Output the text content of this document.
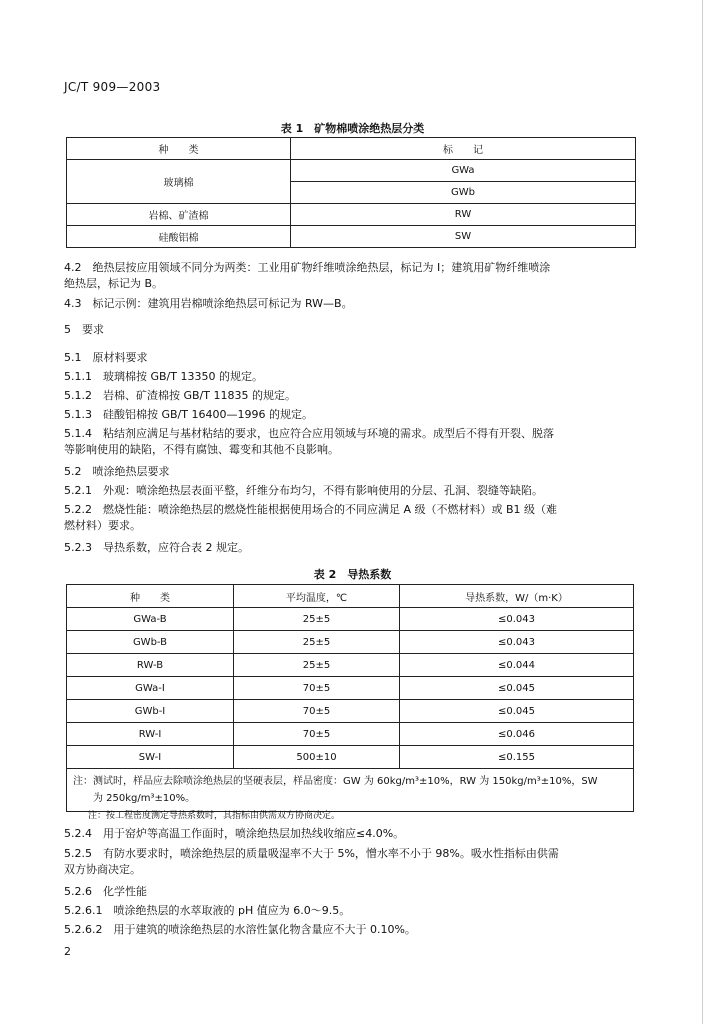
JC/T 909—2003
表 1　矿物棉喷涂绝热层分类
种　　类	标　　记
玻璃棉	GWa
	GWb
岩棉、矿渣棉	RW
硅酸铝棉	SW
4.2　绝热层按应用领域不同分为两类：工业用矿物纤维喷涂绝热层，标记为 I；建筑用矿物纤维喷涂
绝热层，标记为 B。
4.3　标记示例：建筑用岩棉喷涂绝热层可标记为 RW—B。
5　要求
5.1　原材料要求
5.1.1　玻璃棉按 GB/T 13350 的规定。
5.1.2　岩棉、矿渣棉按 GB/T 11835 的规定。
5.1.3　硅酸铝棉按 GB/T 16400—1996 的规定。
5.1.4　粘结剂应满足与基材粘结的要求，也应符合应用领域与环境的需求。成型后不得有开裂、脱落
等影响使用的缺陷，不得有腐蚀、霉变和其他不良影响。
5.2　喷涂绝热层要求
5.2.1　外观：喷涂绝热层表面平整，纤维分布均匀，不得有影响使用的分层、孔洞、裂缝等缺陷。
5.2.2　燃烧性能：喷涂绝热层的燃烧性能根据使用场合的不同应满足 A 级（不燃材料）或 B1 级（难
燃材料）要求。
5.2.3　导热系数，应符合表 2 规定。
表 2　导热系数
种　　类	平均温度，℃	导热系数，W/（m·K）
GWa-B	25±5	≤0.043
GWb-B	25±5	≤0.043
RW-B	25±5	≤0.044
GWa-I	70±5	≤0.045
GWb-I	70±5	≤0.045
RW-I	70±5	≤0.046
SW-I	500±10	≤0.155

注：测试时，样品应去除喷涂绝热层的坚硬表层，样品密度：GW 为 60kg/m³±10%，RW 为 150kg/m³±10%，SW
为 250kg/m³±10%。		
注：按工程密度测定导热系数时，其指标由供需双方协商决定。
5.2.4　用于窑炉等高温工作面时，喷涂绝热层加热线收缩应≤4.0%。
5.2.5　有防水要求时，喷涂绝热层的质量吸湿率不大于 5%，憎水率不小于 98%。吸水性指标由供需
双方协商决定。
5.2.6　化学性能
5.2.6.1　喷涂绝热层的水萃取液的 pH 值应为 6.0～9.5。
5.2.6.2　用于建筑的喷涂绝热层的水溶性氯化物含量应不大于 0.10%。
2
